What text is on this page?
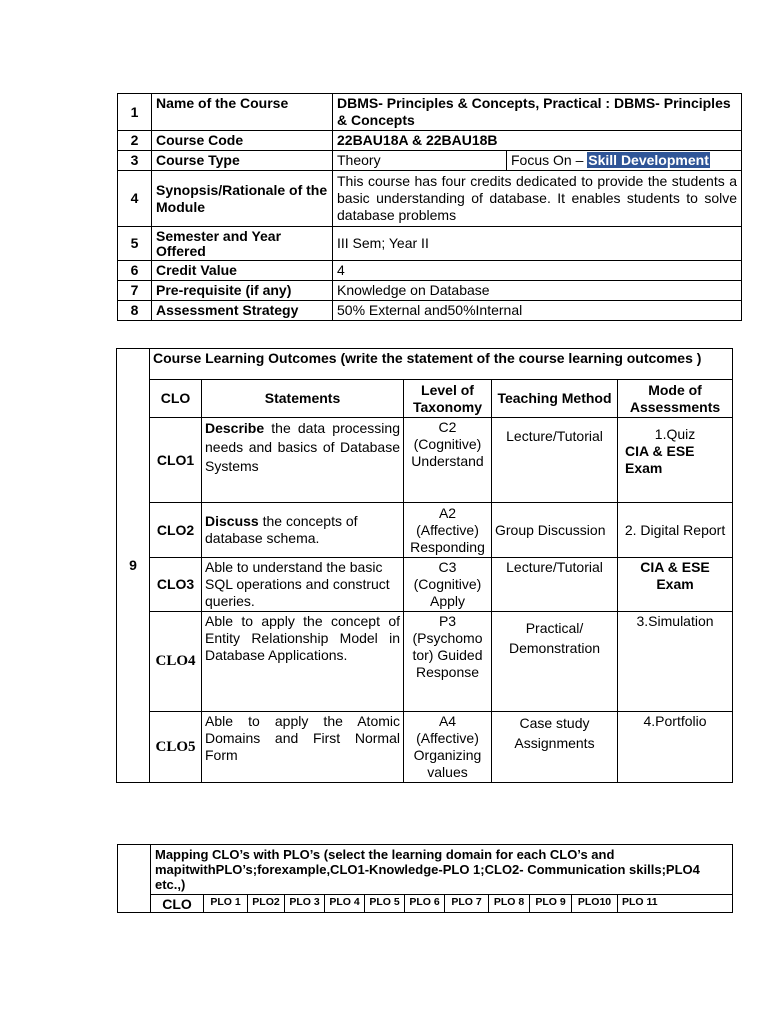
1	Name of the Course	DBMS- Principles & Concepts, Practical : DBMS- Principles & Concepts	
2	Course Code	22BAU18A & 22BAU18B	
3	Course Type	Theory	Focus On – Skill Development
4	Synopsis/Rationale of the Module	This course has four credits dedicated to provide the students a basic understanding of database. It enables students to solve database problems	
5	Semester and Year Offered	III Sem; Year II	
6	Credit Value	4	
7	Pre-requisite (if any)	Knowledge on Database	
8	Assessment Strategy	50% External and50%Internal	
9	Course Learning Outcomes (write the statement of the course learning outcomes )				
	CLO	Statements	Level of Taxonomy	Teaching Method	Mode of Assessments
	CLO1	Describe the data processing needs and basics of Database Systems	C2 (Cognitive) Understand	Lecture/Tutorial	1.Quiz
CIA & ESE Exam

	CLO2	Discuss the concepts of database schema.	A2 (Affective) Responding	Group Discussion	2. Digital Report
	CLO3	Able to understand the basic SQL operations and construct queries.	C3 (Cognitive) Apply	Lecture/Tutorial	CIA & ESE Exam
	CLO4	Able to apply the concept of Entity Relationship Model in Database Applications.	P3 (Psychomo tor) Guided Response	Practical/ Demonstration	3.Simulation
	CLO5	Able to apply the Atomic Domains and First Normal Form	A4 (Affective) Organizing values	Case study Assignments	4.Portfolio
	Mapping CLO’s with PLO’s (select the learning domain for each CLO’s and mapitwithPLO’s;forexample,CLO1-Knowledge-PLO 1;CLO2- Communication skills;PLO4 etc.,)											
	CLO	PLO 1	PLO2	PLO 3	PLO 4	PLO 5	PLO 6	PLO 7	PLO 8	PLO 9	PLO10	PLO 11
